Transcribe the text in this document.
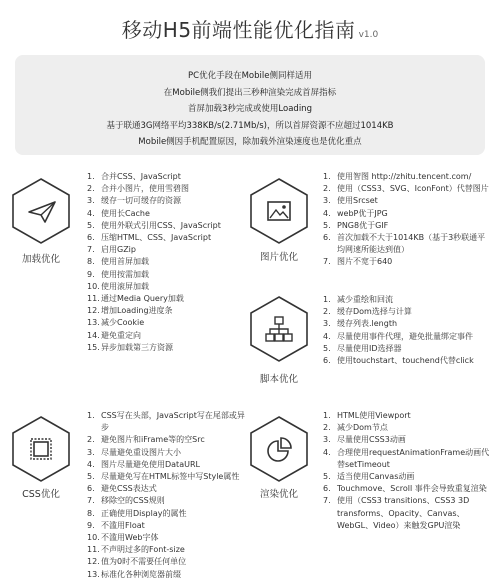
移动H5前端性能优化指南 v1.0
PC优化手段在Mobile侧同样适用
在Mobile侧我们提出三秒种渲染完成首屏指标
首屏加载3秒完成或使用Loading
基于联通3G网络平均338KB/s(2.71Mb/s)，所以首屏资源不应超过1014KB
Mobile侧因手机配置原因，除加载外渲染速度也是优化重点
加载优化
1. 合并CSS、JavaScript
2. 合并小图片，使用雪碧图
3. 缓存一切可缓存的资源
4. 使用长Cache
5. 使用外联式引用CSS、JavaScript
6. 压缩HTML、CSS、JavaScript
7. 启用GZip
8. 使用首屏加载
9. 使用按需加载
10. 使用滚屏加载
11. 通过Media Query加载
12. 增加Loading进度条
13. 减少Cookie
14. 避免重定向
15. 异步加载第三方资源
图片优化
1. 使用智图 http://zhitu.tencent.com/
2. 使用（CSS3、SVG、IconFont）代替图片
3. 使用Srcset
4. webP优于JPG
5. PNG8优于GIF
6. 首次加载不大于1014KB（基于3秒联通平均网速所能达到值）
7. 图片不宽于640
脚本优化
1. 减少重绘和回流
2. 缓存Dom选择与计算
3. 缓存列表.length
4. 尽量使用事件代理，避免批量绑定事件
5. 尽量使用ID选择器
6. 使用touchstart、touchend代替click
CSS优化
1. CSS写在头部，JavaScript写在尾部或异步
2. 避免图片和iFrame等的空Src
3. 尽量避免重设图片大小
4. 图片尽量避免使用DataURL
5. 尽量避免写在HTML标签中写Style属性
6. 避免CSS表达式
7. 移除空的CSS规则
8. 正确使用Display的属性
9. 不滥用Float
10. 不滥用Web字体
11. 不声明过多的Font-size
12. 值为0时不需要任何单位
13. 标准化各种浏览器前缀
渲染优化
1. HTML使用Viewport
2. 减少Dom节点
3. 尽量使用CSS3动画
4. 合理使用requestAnimationFrame动画代替setTimeout
5. 适当使用Canvas动画
6. Touchmove、Scroll 事件会导致重复渲染
7. 使用（CSS3 transitions、CSS3 3D transforms、Opacity、Canvas、WebGL、Video）来触发GPU渲染
